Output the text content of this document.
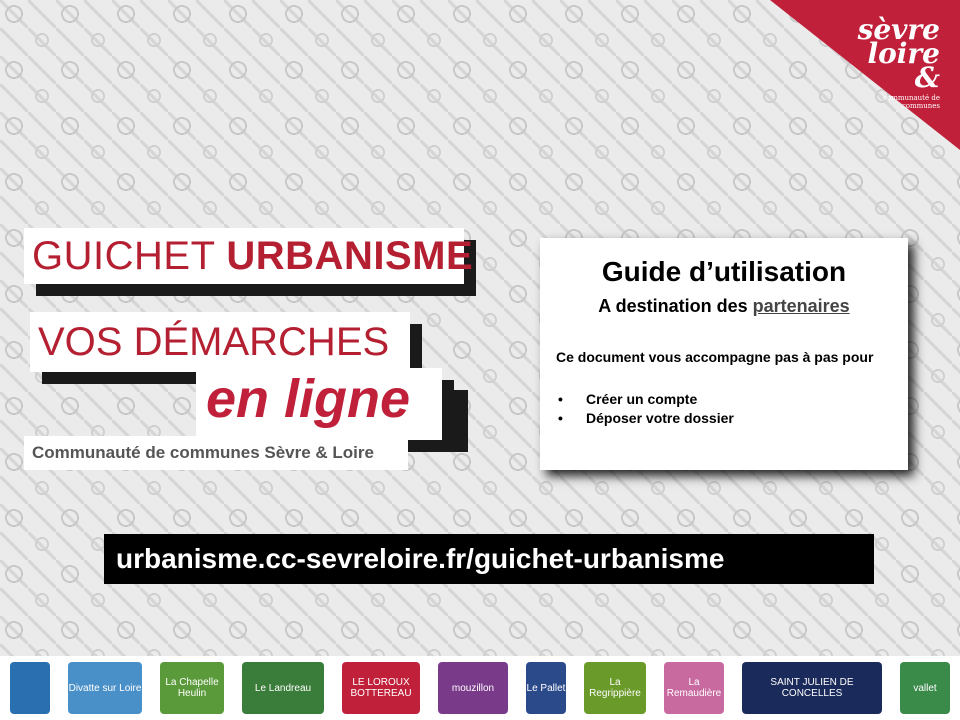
sèvre
loire
&
communauté de communes
GUICHET URBANISME
VOS DÉMARCHES
en ligne
Communauté de communes Sèvre & Loire
Guide d’utilisation
A destination des partenaires
Ce document vous accompagne pas à pas pour
• Créer un compte
• Déposer votre dossier
urbanisme.cc-sevreloire.fr/guichet-urbanisme
Divatte sur Loire	La Chapelle Heulin	Le Landreau	LE LOROUX BOTTEREAU	mouzillon	Le Pallet	La Regrippière
La Remaudière
SAINT JULIEN DE CONCELLES	vallet
